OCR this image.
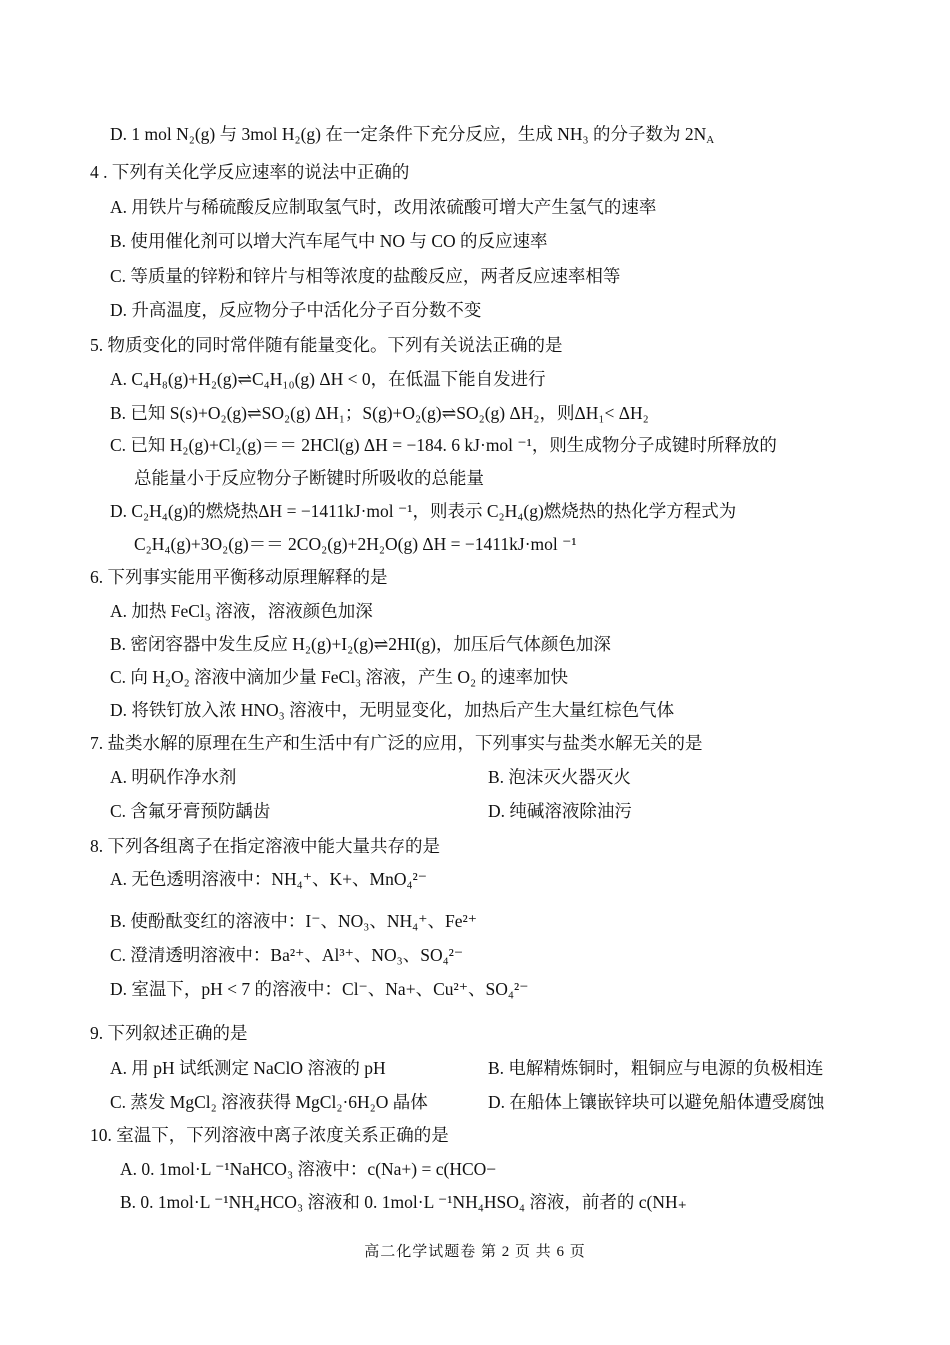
D. 1 mol N₂(g) 与 3mol H₂(g) 在一定条件下充分反应，生成 NH₃ 的分子数为 $2N_A$
4 . 下列有关化学反应速率的说法中正确的
A. 用铁片与稀硫酸反应制取氢气时，改用浓硫酸可增大产生氢气的速率
B. 使用催化剂可以增大汽车尾气中 NO 与 CO 的反应速率
C. 等质量的锌粉和锌片与相等浓度的盐酸反应，两者反应速率相等
D. 升高温度，反应物分子中活化分子百分数不变
5. 物质变化的同时常伴随有能量变化。下列有关说法正确的是
A. C₄H₈(g)+H₂(g)⇌C₄H₁₀(g) ΔH < 0，在低温下能自发进行
B. 已知 S(s)+O₂(g)⇌SO₂(g) ΔH₁；S(g)+O₂(g)⇌SO₂(g) ΔH₂，则ΔH₁< ΔH₂
C. 已知 H₂(g)+Cl₂(g)＝＝ 2HCl(g) ΔH = −184. 6 kJ·mol ⁻¹，则生成物分子成键时所释放的
总能量小于反应物分子断键时所吸收的总能量
D. C₂H₄(g)的燃烧热ΔH = −1411kJ·mol ⁻¹，则表示 C₂H₄(g)燃烧热的热化学方程式为
C₂H₄(g)+3O₂(g)＝＝ 2CO₂(g)+2H₂O(g) ΔH = −1411kJ·mol ⁻¹
6. 下列事实能用平衡移动原理解释的是
A. 加热 FeCl₃ 溶液，溶液颜色加深
B. 密闭容器中发生反应 H₂(g)+I₂(g)⇌2HI(g)，加压后气体颜色加深
C. 向 H₂O₂ 溶液中滴加少量 FeCl₃ 溶液，产生 O₂ 的速率加快
D. 将铁钉放入浓 HNO₃ 溶液中，无明显变化，加热后产生大量红棕色气体
7. 盐类水解的原理在生产和生活中有广泛的应用，下列事实与盐类水解无关的是
A. 明矾作净水剂	B. 泡沫灭火器灭火
C. 含氟牙膏预防龋齿	D. 纯碱溶液除油污
8. 下列各组离子在指定溶液中能大量共存的是
A. 无色透明溶液中：NH₄⁺、K+、MnO₄²⁻
B. 使酚酞变红的溶液中：I⁻、NO₃、NH₄⁺、Fe²⁺
C. 澄清透明溶液中：Ba²⁺、Al³⁺、NO₃、SO₄²⁻
D. 室温下，pH < 7 的溶液中：Cl⁻、Na+、Cu²⁺、SO₄²⁻
9. 下列叙述正确的是
A. 用 pH 试纸测定 NaClO 溶液的 pH	B. 电解精炼铜时，粗铜应与电源的负极相连
C. 蒸发 MgCl₂ 溶液获得 MgCl₂·6H₂O 晶体	D. 在船体上镶嵌锌块可以避免船体遭受腐蚀
10. 室温下，下列溶液中离子浓度关系正确的是
A. 0. 1mol·L ⁻¹NaHCO₃ 溶液中：c(Na+) = c(HCO−
B. 0. 1mol·L ⁻¹NH₄HCO₃ 溶液和 0. 1mol·L ⁻¹NH₄HSO₄ 溶液，前者的 c(NH₊
高二化学试题卷 第 2 页 共 6 页
